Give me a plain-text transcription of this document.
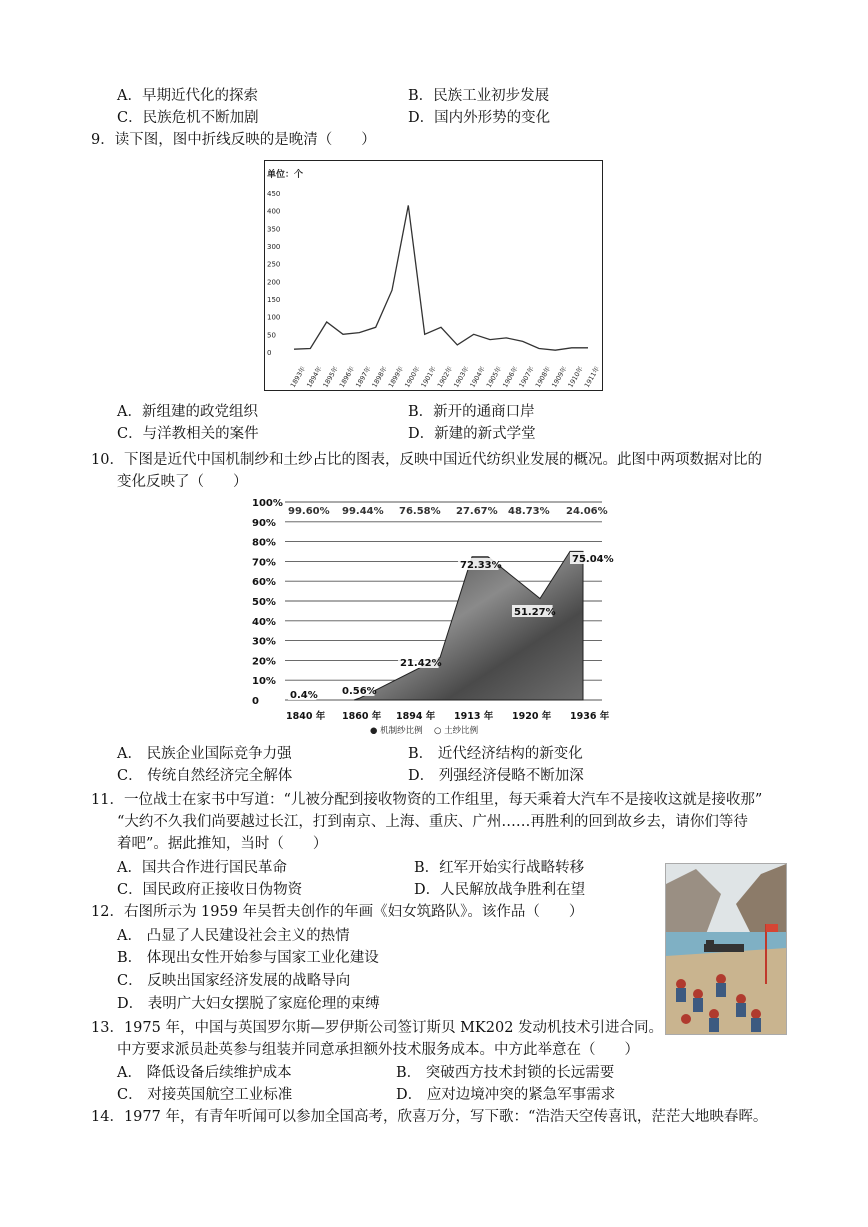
A．早期近代化的探索	B．民族工业初步发展
C．民族危机不断加剧	D．国内外形势的变化
9．读下图，图中折线反映的是晚清（　　）
单位：个
0
50
100
150
200
250
300
350
400
450
1893年
1894年
1895年
1896年
1897年
1898年
1899年
1900年
1901年
1902年
1903年
1904年
1905年
1906年
1907年
1908年
1909年
1910年
1911年
A．新组建的政党组织	B．新开的通商口岸
C．与洋教相关的案件	D．新建的新式学堂
10．下图是近代中国机制纱和土纱占比的图表，反映中国近代纺织业发展的概况。此图中两项数据对比的
变化反映了（　　）
0
10%
20%
30%
40%
50%
60%
70%
80%
90%
100%
0.4% 0.56%
21.42%
72.33%
51.27%
75.04%
99.60% 99.44% 76.58% 27.67% 48.73% 24.06%
1840 年 1860 年 1894 年 1913 年 1920 年 1936 年
● 机制纱比例 ○ 土纱比例
A． 民族企业国际竞争力强	B． 近代经济结构的新变化
C． 传统自然经济完全解体	D． 列强经济侵略不断加深
11．一位战士在家书中写道：“儿被分配到接收物资的工作组里，每天乘着大汽车不是接收这就是接收那”
“大约不久我们尚要越过长江，打到南京、上海、重庆、广州……再胜利的回到故乡去，请你们等待
着吧”。据此推知，当时（　　）
A．国共合作进行国民革命	B．红军开始实行战略转移
C．国民政府正接收日伪物资	D．人民解放战争胜利在望
12．右图所示为 1959 年吴哲夫创作的年画《妇女筑路队》。该作品（　　）
A． 凸显了人民建设社会主义的热情
B． 体现出女性开始参与国家工业化建设
C． 反映出国家经济发展的战略导向
D． 表明广大妇女摆脱了家庭伦理的束缚
13．1975 年，中国与英国罗尔斯—罗伊斯公司签订斯贝 MK202 发动机技术引进合同。
中方要求派员赴英参与组装并同意承担额外技术服务成本。中方此举意在（　　）
A． 降低设备后续维护成本	B． 突破西方技术封锁的长远需要
C． 对接英国航空工业标准	D． 应对边境冲突的紧急军事需求
14．1977 年，有青年听闻可以参加全国高考，欣喜万分，写下歌：“浩浩天空传喜讯，茫茫大地映春晖。
